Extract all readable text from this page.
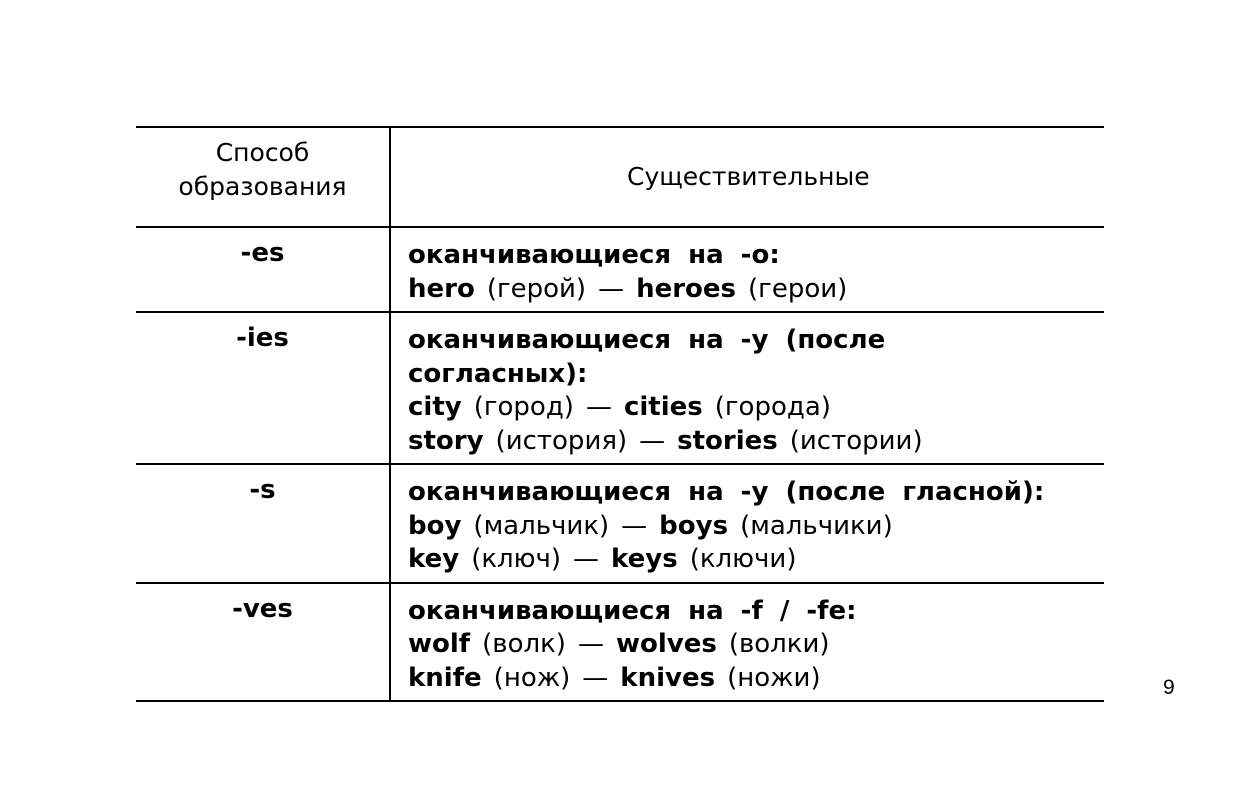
Способ
образования	Существительные

-es	оканчивающиеся на -o:
hero (герой) — heroes (герои)

-ies	оканчивающиеся на -y (после
согласных):
city (город) — cities (города)
story (история) — stories (истории)

-s	оканчивающиеся на -y (после гласной):
boy (мальчик) — boys (мальчики)
key (ключ) — keys (ключи)

-ves	оканчивающиеся на -f / -fe:
wolf (волк) — wolves (волки)
knife (нож) — knives (ножи)	9
